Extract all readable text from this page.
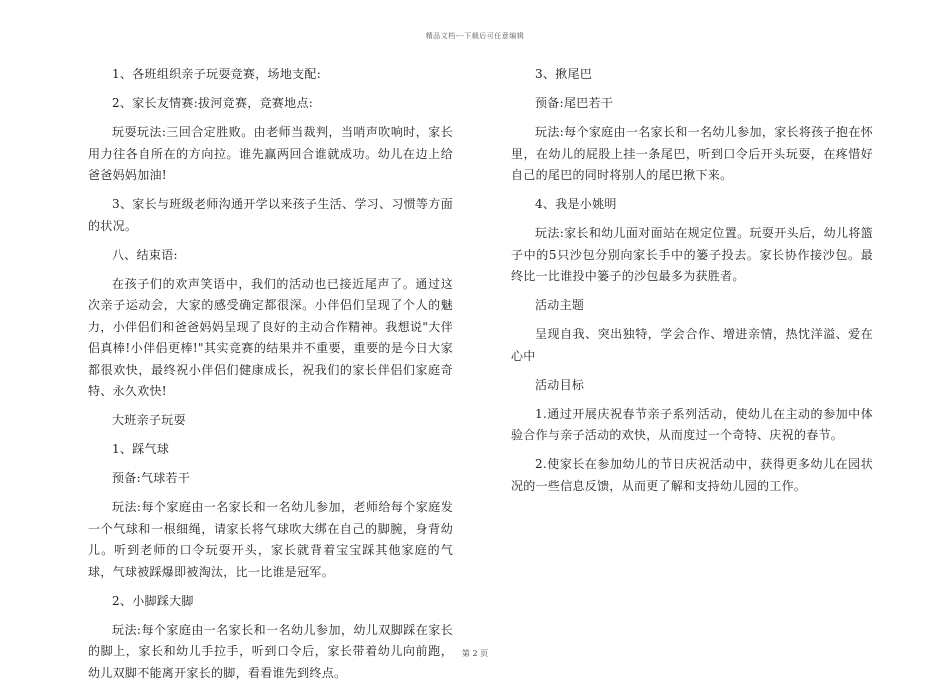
精品文档---下载后可任意编辑

1、各班组织亲子玩耍竞赛，场地支配:

2、家长友情赛:拔河竞赛，竞赛地点:

玩耍玩法:三回合定胜败。由老师当裁判，当哨声吹响时，家长用力往各自所在的方向拉。谁先赢两回合谁就成功。幼儿在边上给爸爸妈妈加油!

3、家长与班级老师沟通开学以来孩子生活、学习、习惯等方面的状况。

八、结束语:

在孩子们的欢声笑语中，我们的活动也已接近尾声了。通过这次亲子运动会，大家的感受确定都很深。小伴侣们呈现了个人的魅力，小伴侣们和爸爸妈妈呈现了良好的主动合作精神。我想说"大伴侣真棒!小伴侣更棒!"其实竞赛的结果并不重要，重要的是今日大家都很欢快，最终祝小伴侣们健康成长，祝我们的家长伴侣们家庭奇特、永久欢快!

大班亲子玩耍

1、踩气球

预备:气球若干

玩法:每个家庭由一名家长和一名幼儿参加，老师给每个家庭发一个气球和一根细绳，请家长将气球吹大绑在自己的脚腕，身背幼儿。听到老师的口令玩耍开头，家长就背着宝宝踩其他家庭的气球，气球被踩爆即被淘汰，比一比谁是冠军。

2、小脚踩大脚

玩法:每个家庭由一名家长和一名幼儿参加，幼儿双脚踩在家长的脚上，家长和幼儿手拉手，听到口令后，家长带着幼儿向前跑，幼儿双脚不能离开家长的脚，看看谁先到终点。

3、揪尾巴

预备:尾巴若干

玩法:每个家庭由一名家长和一名幼儿参加，家长将孩子抱在怀里，在幼儿的屁股上挂一条尾巴，听到口令后开头玩耍，在疼惜好自己的尾巴的同时将别人的尾巴揪下来。

4、我是小姚明

玩法:家长和幼儿面对面站在规定位置。玩耍开头后，幼儿将篮子中的5只沙包分别向家长手中的篓子投去。家长协作接沙包。最终比一比谁投中篓子的沙包最多为获胜者。

活动主题

呈现自我、突出独特，学会合作、增进亲情，热忱洋溢、爱在心中

活动目标

1.通过开展庆祝春节亲子系列活动，使幼儿在主动的参加中体验合作与亲子活动的欢快，从而度过一个奇特、庆祝的春节。

2.使家长在参加幼儿的节日庆祝活动中，获得更多幼儿在园状况的一些信息反馈，从而更了解和支持幼儿园的工作。

第 2 页
